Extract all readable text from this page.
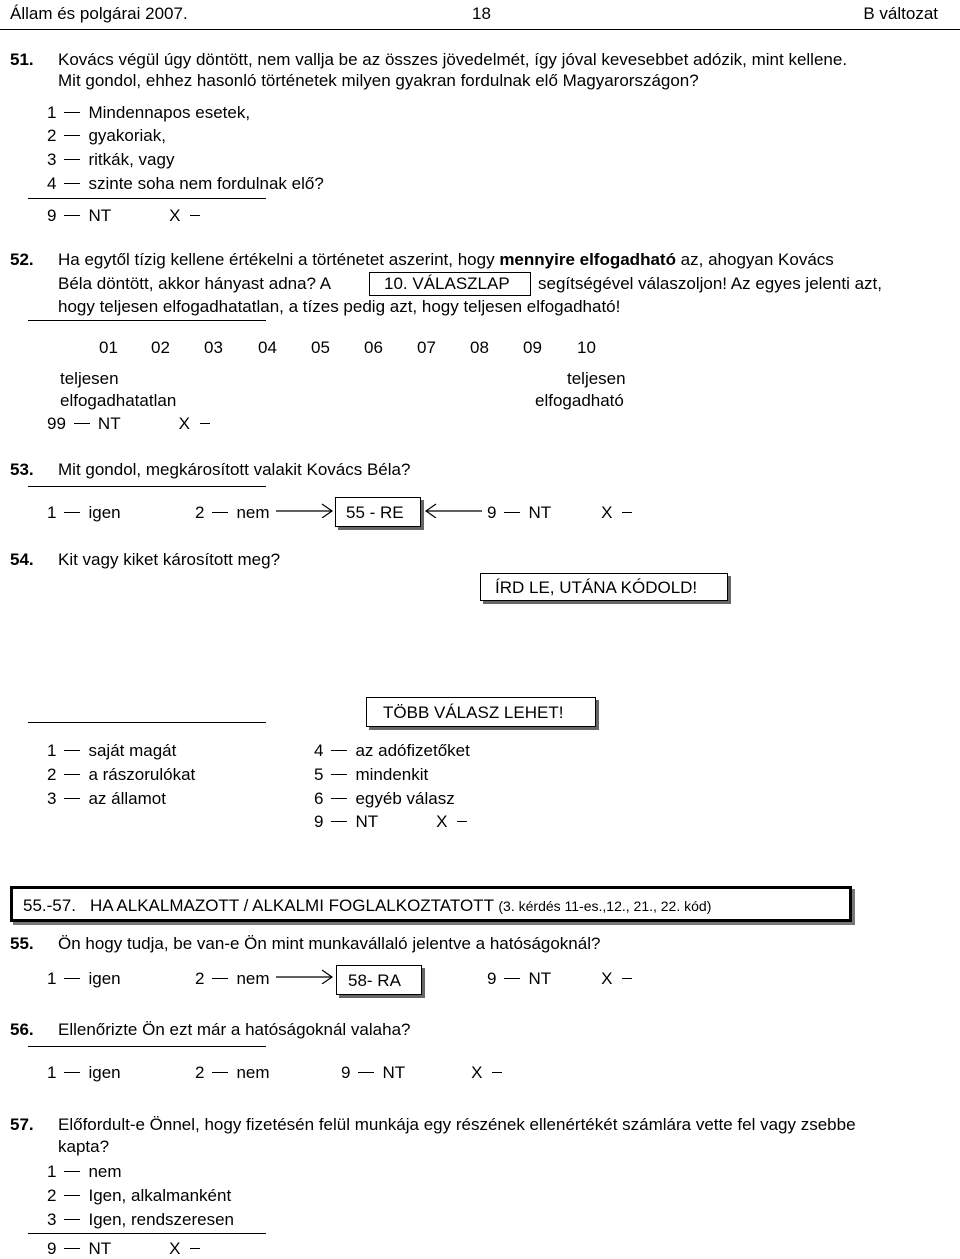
Állam és polgárai 2007.	18	B változat
51. Kovács végül úgy döntött, nem vallja be az összes jövedelmét, így jóval kevesebbet adózik, mint kellene.
Mit gondol, ehhez hasonló történetek milyen gyakran fordulnak elő Magyarországon?
1 Mindennapos esetek,
2 gyakoriak,
3 ritkák, vagy
4 szinte soha nem fordulnak elő?
9 NT	X
52. Ha egytől tízig kellene értékelni a történetet aszerint, hogy mennyire elfogadható az, ahogyan Kovács
Béla döntött, akkor hányast adna? A	10. VÁLASZLAP	segítségével válaszoljon! Az egyes jelenti azt,
hogy teljesen elfogadhatatlan, a tízes pedig azt, hogy teljesen elfogadható!
01 02 03 04 05 06 07 08 09 10
teljesen
elfogadhatatlan
teljesen
elfogadható
99 NT	X
53. Mit gondol, megkárosított valakit Kovács Béla?
1 igen	2 nem	55 - RE	9 NT	X
54. Kit vagy kiket károsított meg?
ÍRD LE, UTÁNA KÓDOLD!
TÖBB VÁLASZ LEHET!
1 saját magát
2 a rászorulókat
3 az államot
4 az adófizetőket
5 mindenkit
6 egyéb válasz
9 NT	X
55.-57. HA ALKALMAZOTT / ALKALMI FOGLALKOZTATOTT (3. kérdés 11-es.,12., 21., 22. kód)
55. Ön hogy tudja, be van-e Ön mint munkavállaló jelentve a hatóságoknál?
1 igen	2 nem	58- RA	9 NT	X
56. Ellenőrizte Ön ezt már a hatóságoknál valaha?
1 igen	2 nem	9 NT	X
57. Előfordult-e Önnel, hogy fizetésén felül munkája egy részének ellenértékét számlára vette fel vagy zsebbe
kapta?
1 nem
2 Igen, alkalmanként
3 Igen, rendszeresen
9 NT	X
